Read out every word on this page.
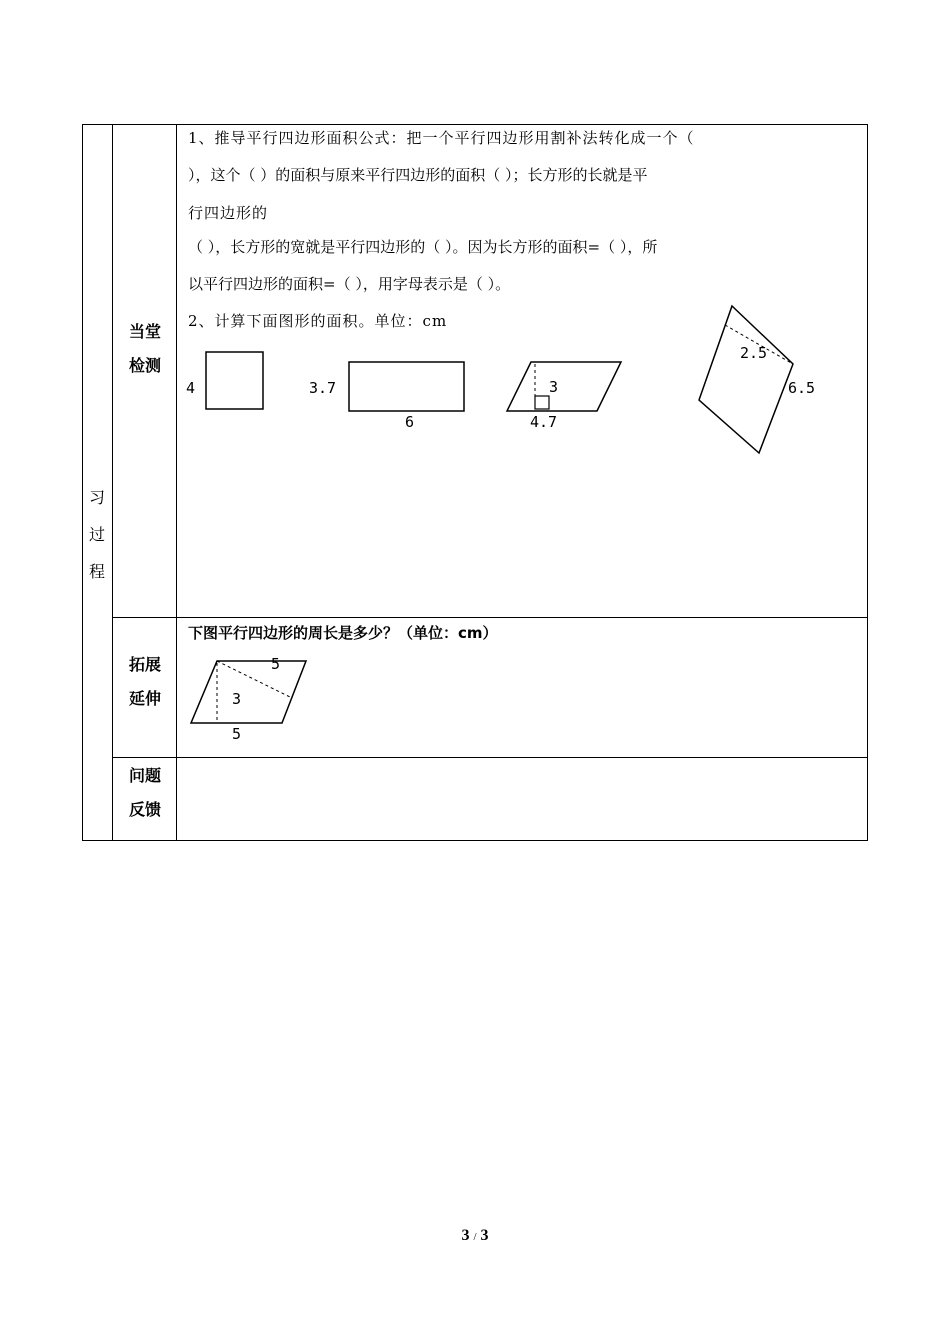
习
过
程
当堂
检测
拓展
延伸
问题
反馈
1、推导平行四边形面积公式：把一个平行四边形用割补法转化成一个（
），这个（ ）的面积与原来平行四边形的面积（ ）；长方形的长就是平
行四边形的
（ ），长方形的宽就是平行四边形的（ ）。因为长方形的面积=（ ），所
以平行四边形的面积=（ ），用字母表示是（ ）。
2、计算下面图形的面积。单位：cm
4	3.7
6
3
4.7
2.5
6.5
下图平行四边形的周长是多少？（单位：cm）
5
3
5
3 / 3
